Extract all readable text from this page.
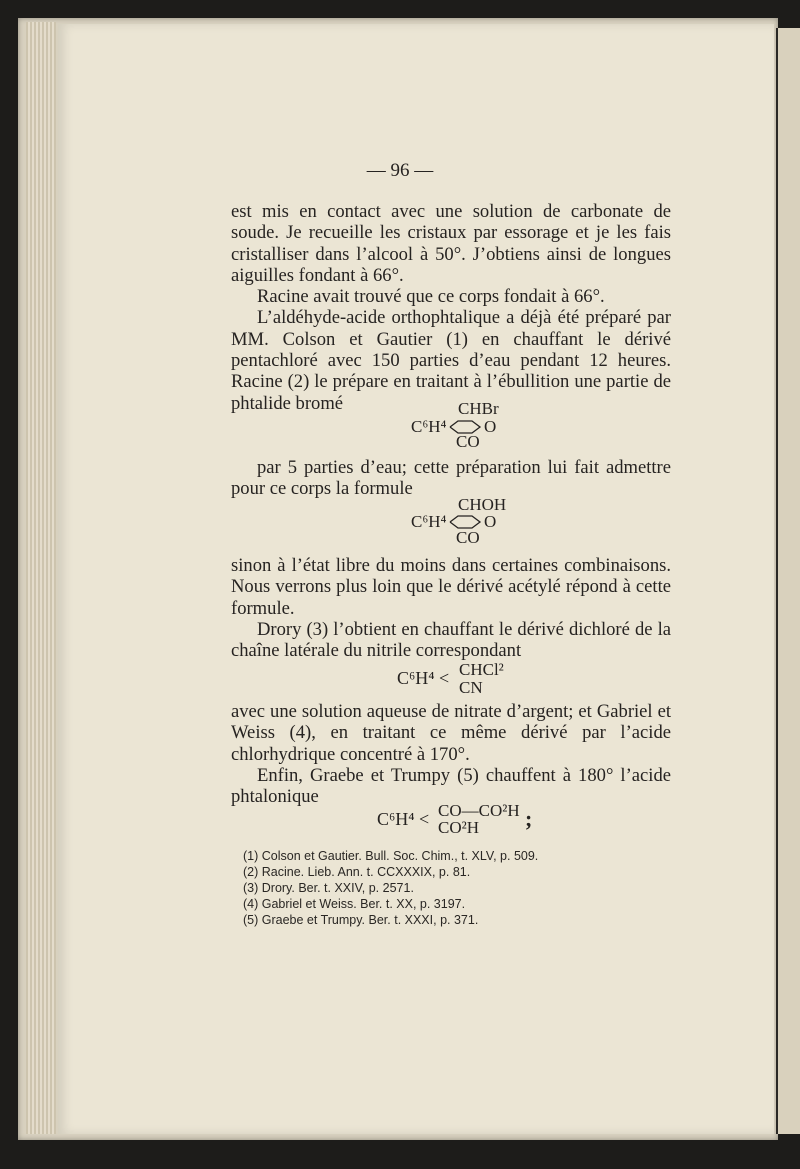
— 96 —

est mis en contact avec une solution de carbonate de soude. Je recueille les cristaux par essorage et je les fais cristalliser dans l’alcool à 50°. J’obtiens ainsi de longues aiguilles fondant à 66°.

Racine avait trouvé que ce corps fondait à 66°.

L’aldéhyde-acide orthophtalique a déjà été préparé par MM. Colson et Gautier (1) en chauffant le dérivé pentachloré avec 150 parties d’eau pendant 12 heures. Racine (2) le prépare en traitant à l’ébullition une partie de phtalide bromé

C⁶H⁴
CHBr
O
CO

par 5 parties d’eau; cette préparation lui fait admettre pour ce corps la formule

C⁶H⁴
CHOH
O
CO

sinon à l’état libre du moins dans certaines combinaisons. Nous verrons plus loin que le dérivé acétylé répond à cette formule.

Drory (3) l’obtient en chauffant le dérivé dichloré de la chaîne latérale du nitrile correspondant

C⁶H⁴ < CHCl²
CN

avec une solution aqueuse de nitrate d’argent; et Gabriel et Weiss (4), en traitant ce même dérivé par l’acide chlorhydrique concentré à 170°.

Enfin, Graebe et Trumpy (5) chauffent à 180° l’acide phtalonique

C⁶H⁴ < CO—CO²H
CO²H ;
(1) Colson et Gautier. Bull. Soc. Chim., t. XLV, p. 509.
(2) Racine. Lieb. Ann. t. CCXXXIX, p. 81.
(3) Drory. Ber. t. XXIV, p. 2571.
(4) Gabriel et Weiss. Ber. t. XX, p. 3197.
(5) Graebe et Trumpy. Ber. t. XXXI, p. 371.
